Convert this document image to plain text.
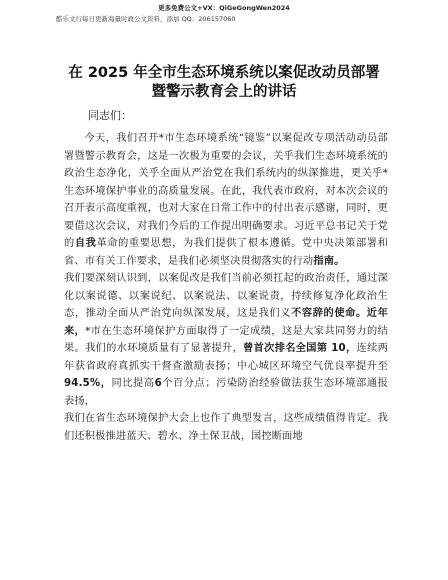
更多免费公文+VX：QiGeGongWen2024
酷乐文行每日更新海量时政公文资料，添加 QQ：206157060
在 2025 年全市生态环境系统以案促改动员部署
暨警示教育会上的讲话
同志们：

今天，我们召开*市生态环境系统“镜鉴”以案促改专项活动动员部署暨警示教育会，这是一次极为重要的会议，关乎我们生态环境系统的政治生态净化，关乎全面从严治党在我们系统内的纵深推进，更关乎*生态环境保护事业的高质量发展。在此，我代表市政府，对本次会议的召开表示高度重视，也对大家在日常工作中的付出表示感谢，同时，更要借这次会议，对我们今后的工作提出明确要求。习近平总书记关于党的自我革命的重要思想，为我们提供了根本遵循。党中央决策部署和省、市有关工作要求，是我们必须坚决贯彻落实的行动指南。

我们要深刻认识到，以案促改是我们当前必须扛起的政治责任，通过深化以案说德、以案说纪、以案说法、以案说责，持续修复净化政治生态，推动全面从严治党向纵深发展，这是我们义不容辞的使命。近年来，*市在生态环境保护方面取得了一定成绩，这是大家共同努力的结果。我们的水环境质量有了显著提升，曾首次排名全国第 10，连续两年获省政府真抓实干督查激励表扬；中心城区环境空气优良率提升至94.5%，同比提高6个百分点；污染防治经验做法获生态环境部通报表扬，

我们在省生态环境保护大会上也作了典型发言，这些成绩值得肯定。我们还积极推进蓝天、碧水、净土保卫战，国控断面地
